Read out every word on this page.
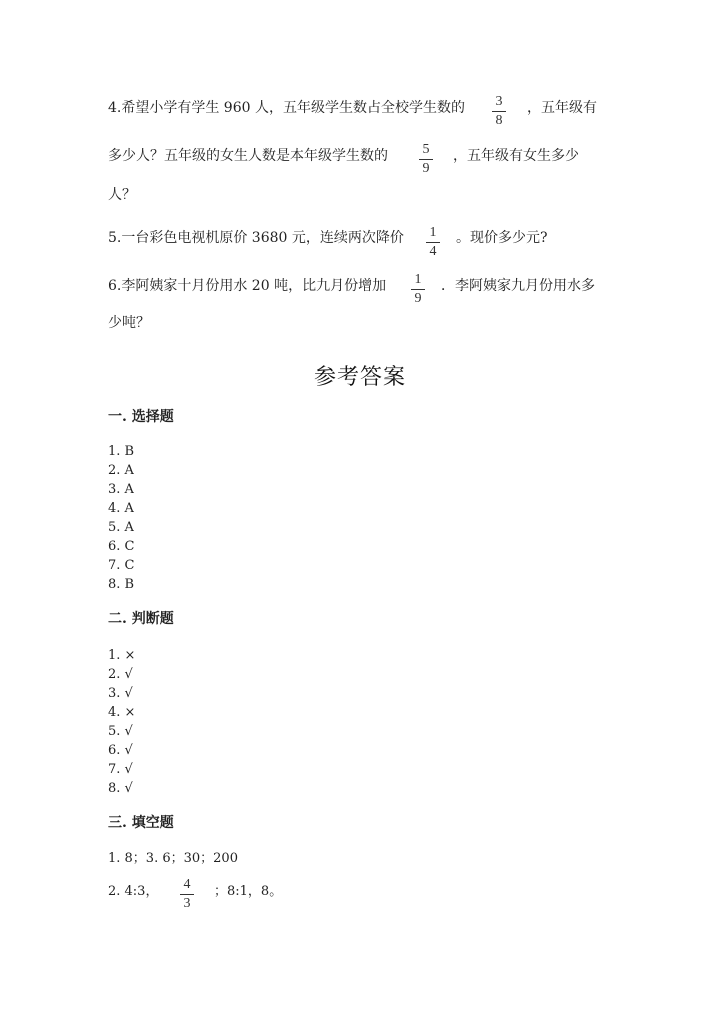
4.希望小学有学生 960 人，五年级学生数占全校学生数的	3
8
，五年级有
多少人？五年级的女生人数是本年级学生数的	5
9
，五年级有女生多少
人？
5.一台彩色电视机原价 3680 元，连续两次降价	1
4
。现价多少元?
6.李阿姨家十月份用水 20 吨，比九月份增加	1
9
．李阿姨家九月份用水多
少吨？
参考答案
一. 选择题
1. B
2. A
3. A
4. A
5. A
6. C
7. C
8. B
二. 判断题
1. ×
2. √
3. √
4. ×
5. √
6. √
7. √
8. √
三. 填空题
1. 8；3. 6；30；200
2. 4:3，	4
3
；8:1，8。
